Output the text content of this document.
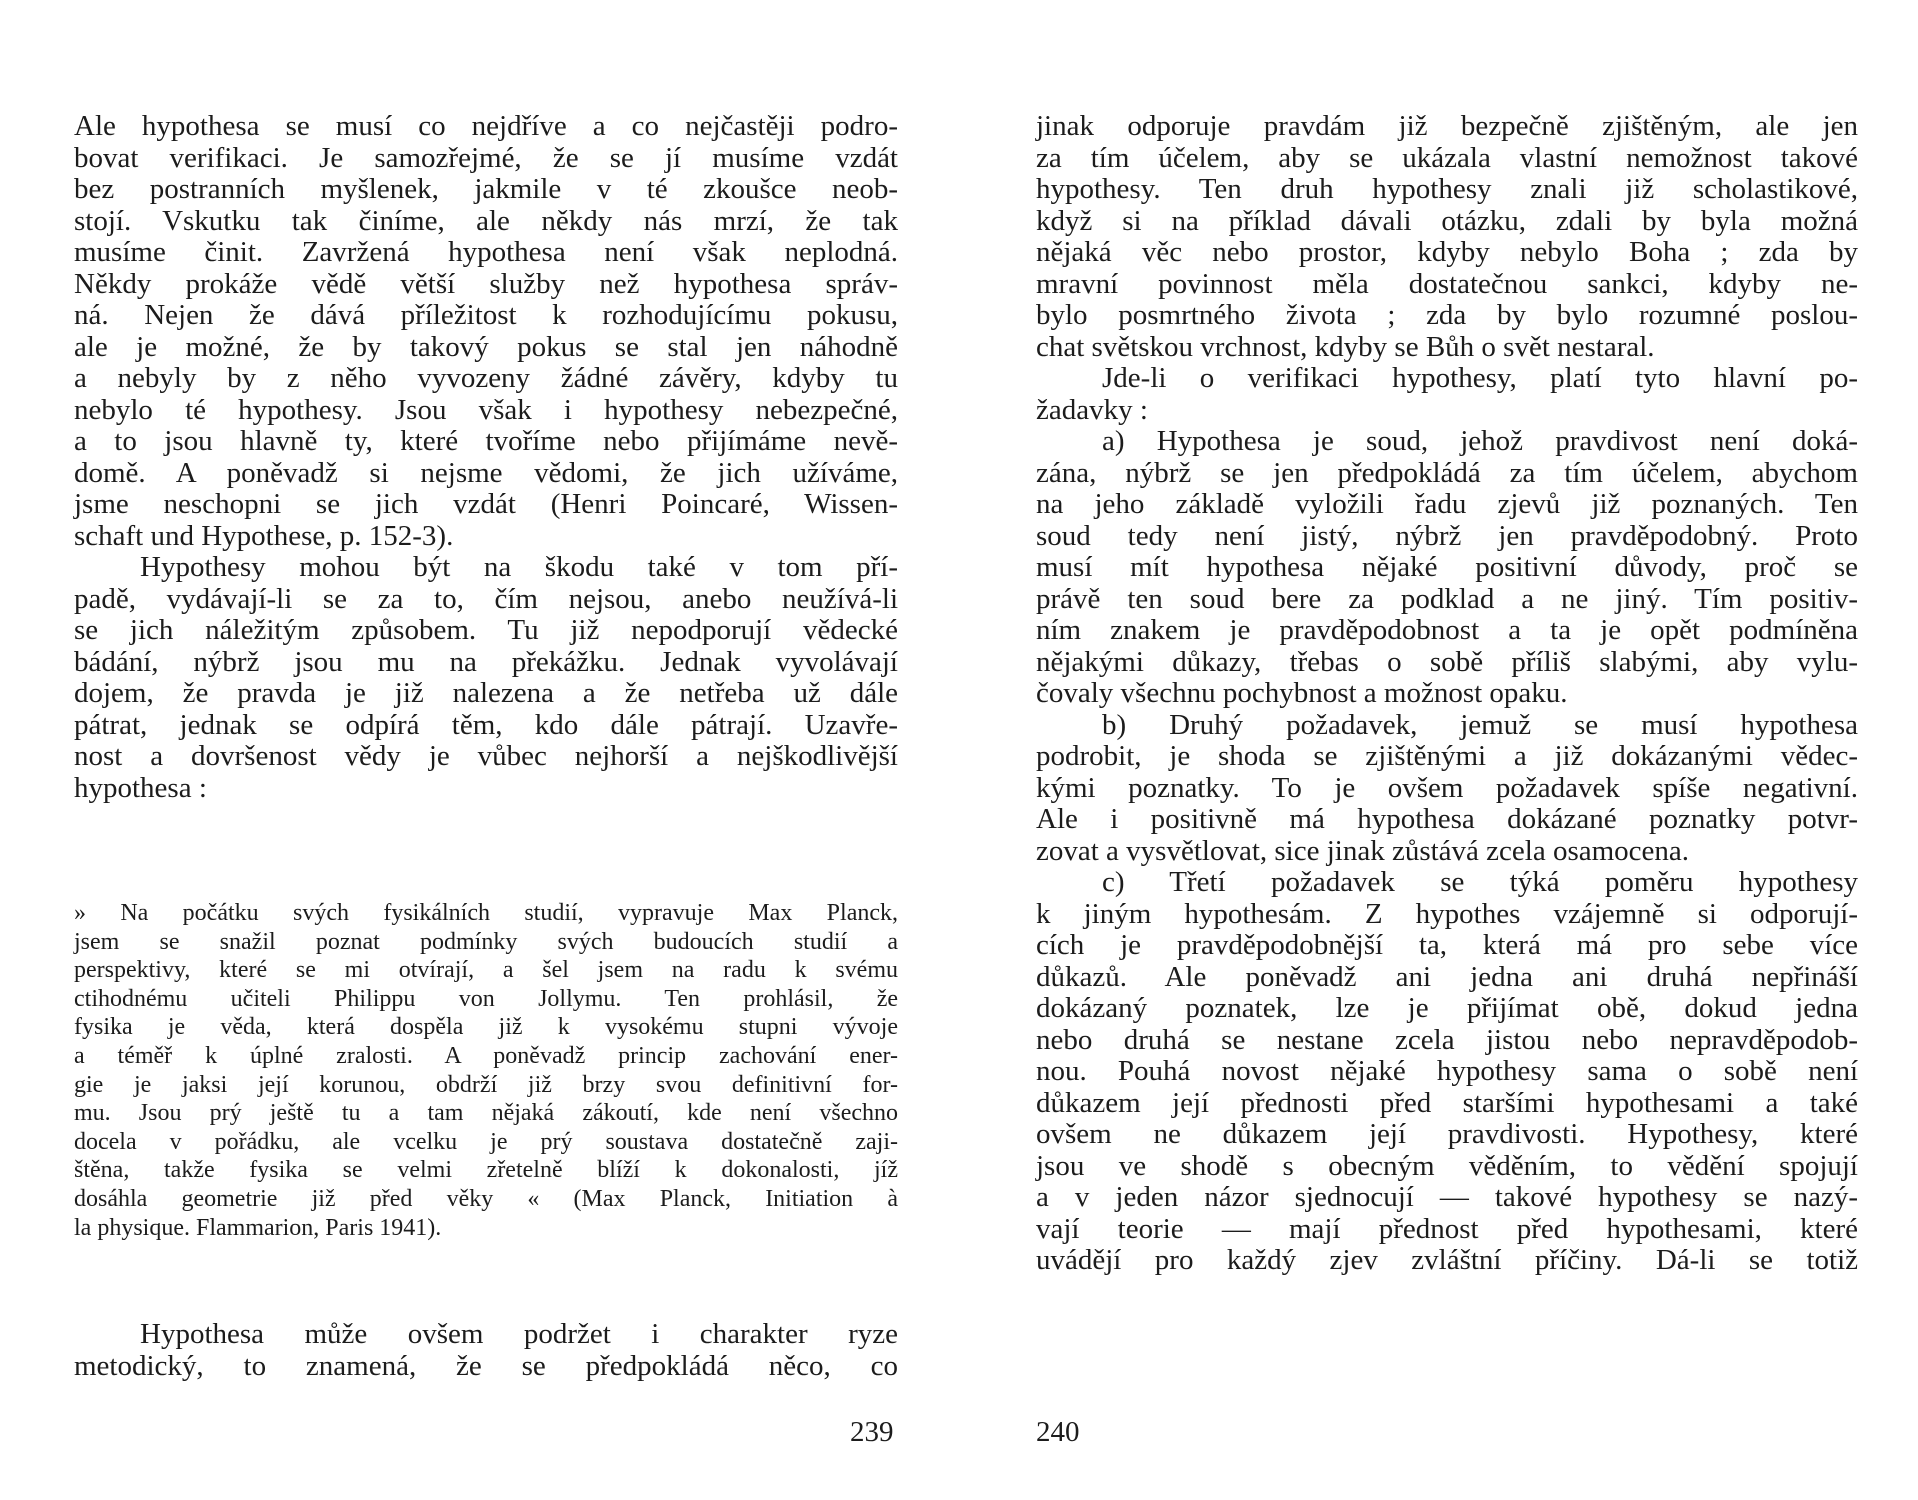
Ale hypothesa se musí co nejdříve a co nejčastěji podro-
bovat verifikaci. Je samozřejmé, že se jí musíme vzdát
bez postranních myšlenek, jakmile v té zkoušce neob-
stojí. Vskutku tak činíme, ale někdy nás mrzí, že tak
musíme činit. Zavržená hypothesa není však neplodná.
Někdy prokáže vědě větší služby než hypothesa správ-
ná. Nejen že dává příležitost k rozhodujícímu pokusu,
ale je možné, že by takový pokus se stal jen náhodně
a nebyly by z něho vyvozeny žádné závěry, kdyby tu
nebylo té hypothesy. Jsou však i hypothesy nebezpečné,
a to jsou hlavně ty, které tvoříme nebo přijímáme nevě-
domě. A poněvadž si nejsme vědomi, že jich užíváme,
jsme neschopni se jich vzdát (Henri Poincaré, Wissen-
schaft und Hypothese, p. 152-3).
Hypothesy mohou být na škodu také v tom pří-
padě, vydávají-li se za to, čím nejsou, anebo neužívá-li
se jich náležitým způsobem. Tu již nepodporují vědecké
bádání, nýbrž jsou mu na překážku. Jednak vyvolávají
dojem, že pravda je již nalezena a že netřeba už dále
pátrat, jednak se odpírá těm, kdo dále pátrají. Uzavře-
nost a dovršenost vědy je vůbec nejhorší a nejškodlivější
hypothesa :
» Na počátku svých fysikálních studií, vypravuje Max Planck,
jsem se snažil poznat podmínky svých budoucích studií a
perspektivy, které se mi otvírají, a šel jsem na radu k svému
ctihodnému učiteli Philippu von Jollymu. Ten prohlásil, že
fysika je věda, která dospěla již k vysokému stupni vývoje
a téměř k úplné zralosti. A poněvadž princip zachování ener-
gie je jaksi její korunou, obdrží již brzy svou definitivní for-
mu. Jsou prý ještě tu a tam nějaká zákoutí, kde není všechno
docela v pořádku, ale vcelku je prý soustava dostatečně zaji-
štěna, takže fysika se velmi zřetelně blíží k dokonalosti, jíž
dosáhla geometrie již před věky « (Max Planck, Initiation à
la physique. Flammarion, Paris 1941).
Hypothesa může ovšem podržet i charakter ryze
metodický, to znamená, že se předpokládá něco, co
239
jinak odporuje pravdám již bezpečně zjištěným, ale jen
za tím účelem, aby se ukázala vlastní nemožnost takové
hypothesy. Ten druh hypothesy znali již scholastikové,
když si na příklad dávali otázku, zdali by byla možná
nějaká věc nebo prostor, kdyby nebylo Boha ; zda by
mravní povinnost měla dostatečnou sankci, kdyby ne-
bylo posmrtného života ; zda by bylo rozumné poslou-
chat světskou vrchnost, kdyby se Bůh o svět nestaral.
Jde-li o verifikaci hypothesy, platí tyto hlavní po-
žadavky :
a) Hypothesa je soud, jehož pravdivost není doká-
zána, nýbrž se jen předpokládá za tím účelem, abychom
na jeho základě vyložili řadu zjevů již poznaných. Ten
soud tedy není jistý, nýbrž jen pravděpodobný. Proto
musí mít hypothesa nějaké positivní důvody, proč se
právě ten soud bere za podklad a ne jiný. Tím positiv-
ním znakem je pravděpodobnost a ta je opět podmíněna
nějakými důkazy, třebas o sobě příliš slabými, aby vylu-
čovaly všechnu pochybnost a možnost opaku.
b) Druhý požadavek, jemuž se musí hypothesa
podrobit, je shoda se zjištěnými a již dokázanými vědec-
kými poznatky. To je ovšem požadavek spíše negativní.
Ale i positivně má hypothesa dokázané poznatky potvr-
zovat a vysvětlovat, sice jinak zůstává zcela osamocena.
c) Třetí požadavek se týká poměru hypothesy
k jiným hypothesám. Z hypothes vzájemně si odporují-
cích je pravděpodobnější ta, která má pro sebe více
důkazů. Ale poněvadž ani jedna ani druhá nepřináší
dokázaný poznatek, lze je přijímat obě, dokud jedna
nebo druhá se nestane zcela jistou nebo nepravděpodob-
nou. Pouhá novost nějaké hypothesy sama o sobě není
důkazem její přednosti před staršími hypothesami a také
ovšem ne důkazem její pravdivosti. Hypothesy, které
jsou ve shodě s obecným věděním, to vědění spojují
a v jeden názor sjednocují — takové hypothesy se nazý-
vají teorie — mají přednost před hypothesami, které
uvádějí pro každý zjev zvláštní příčiny. Dá-li se totiž
240
